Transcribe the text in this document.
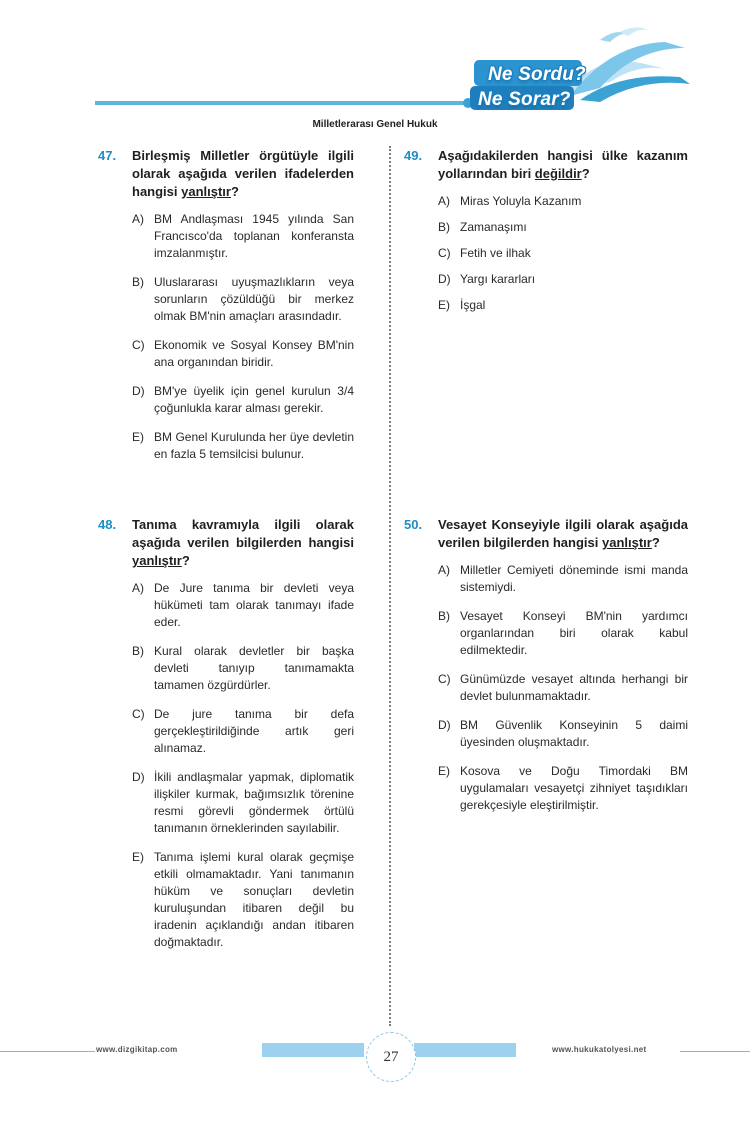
Ne Sordu?
Ne Sorar?
Milletlerarası Genel Hukuk
47. Birleşmiş Milletler örgütüyle ilgili olarak aşağıda verilen ifadelerden hangisi yanlıştır?

A) BM Andlaşması 1945 yılında San Francısco'da toplanan konferansta imzalanmıştır.

B) Uluslararası uyuşmazlıkların veya sorunların çözüldüğü bir merkez olmak BM'nin amaçları arasındadır.

C) Ekonomik ve Sosyal Konsey BM'nin ana organından biridir.

D) BM'ye üyelik için genel kurulun 3/4 çoğunlukla karar alması gerekir.

E) BM Genel Kurulunda her üye devletin en fazla 5 temsilcisi bulunur.

49. Aşağıdakilerden hangisi ülke kazanım yollarından biri değildir?

A) Miras Yoluyla Kazanım

B) Zamanaşımı

C) Fetih ve ilhak

D) Yargı kararları

E) İşgal

48. Tanıma kavramıyla ilgili olarak aşağıda verilen bilgilerden hangisi yanlıştır?

A) De Jure tanıma bir devleti veya hükümeti tam olarak tanımayı ifade eder.

B) Kural olarak devletler bir başka devleti tanıyıp tanımamakta tamamen özgürdürler.

C) De jure tanıma bir defa gerçekleştirildiğinde artık geri alınamaz.

D) İkili andlaşmalar yapmak, diplomatik ilişkiler kurmak, bağımsızlık törenine resmi görevli göndermek örtülü tanımanın örneklerinden sayılabilir.

E) Tanıma işlemi kural olarak geçmişe etkili olmamaktadır. Yani tanımanın hüküm ve sonuçları devletin kuruluşundan itibaren değil bu iradenin açıklandığı andan itibaren doğmaktadır.

50. Vesayet Konseyiyle ilgili olarak aşağıda verilen bilgilerden hangisi yanlıştır?

A) Milletler Cemiyeti döneminde ismi manda sistemiydi.

B) Vesayet Konseyi BM'nin yardımcı organlarından biri olarak kabul edilmektedir.

C) Günümüzde vesayet altında herhangi bir devlet bulunmamaktadır.

D) BM Güvenlik Konseyinin 5 daimi üyesinden oluşmaktadır.

E) Kosova ve Doğu Timordaki BM uygulamaları vesayetçi zihniyet taşıdıkları gerekçesiyle eleştirilmiştir.

www.dizgikitap.com	www.hukukatolyesi.net
27
